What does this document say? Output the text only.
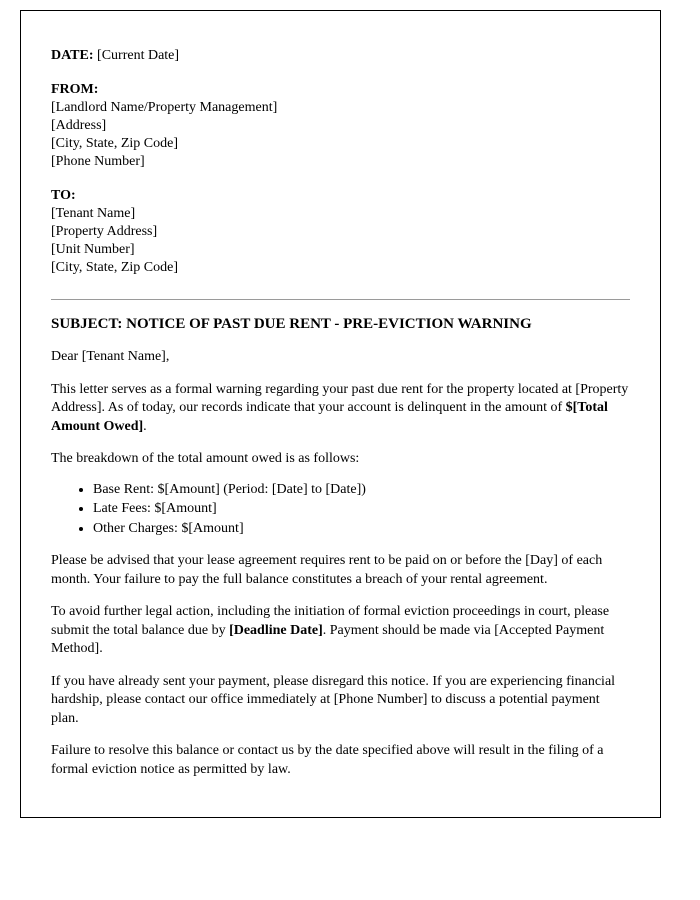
DATE: [Current Date]

FROM:

[Landlord Name/Property Management]

[Address]

[City, State, Zip Code]

[Phone Number]

TO:

[Tenant Name]

[Property Address]

[Unit Number]

[City, State, Zip Code]

SUBJECT: NOTICE OF PAST DUE RENT - PRE-EVICTION WARNING

Dear [Tenant Name],

This letter serves as a formal warning regarding your past due rent for the property located at [Property Address]. As of today, our records indicate that your account is delinquent in the amount of $[Total Amount Owed].

The breakdown of the total amount owed is as follows:

• Base Rent: $[Amount] (Period: [Date] to [Date])
• Late Fees: $[Amount]
• Other Charges: $[Amount]

Please be advised that your lease agreement requires rent to be paid on or before the [Day] of each month. Your failure to pay the full balance constitutes a breach of your rental agreement.

To avoid further legal action, including the initiation of formal eviction proceedings in court, please submit the total balance due by [Deadline Date]. Payment should be made via [Accepted Payment Method].

If you have already sent your payment, please disregard this notice. If you are experiencing financial hardship, please contact our office immediately at [Phone Number] to discuss a potential payment plan.

Failure to resolve this balance or contact us by the date specified above will result in the filing of a formal eviction notice as permitted by law.
